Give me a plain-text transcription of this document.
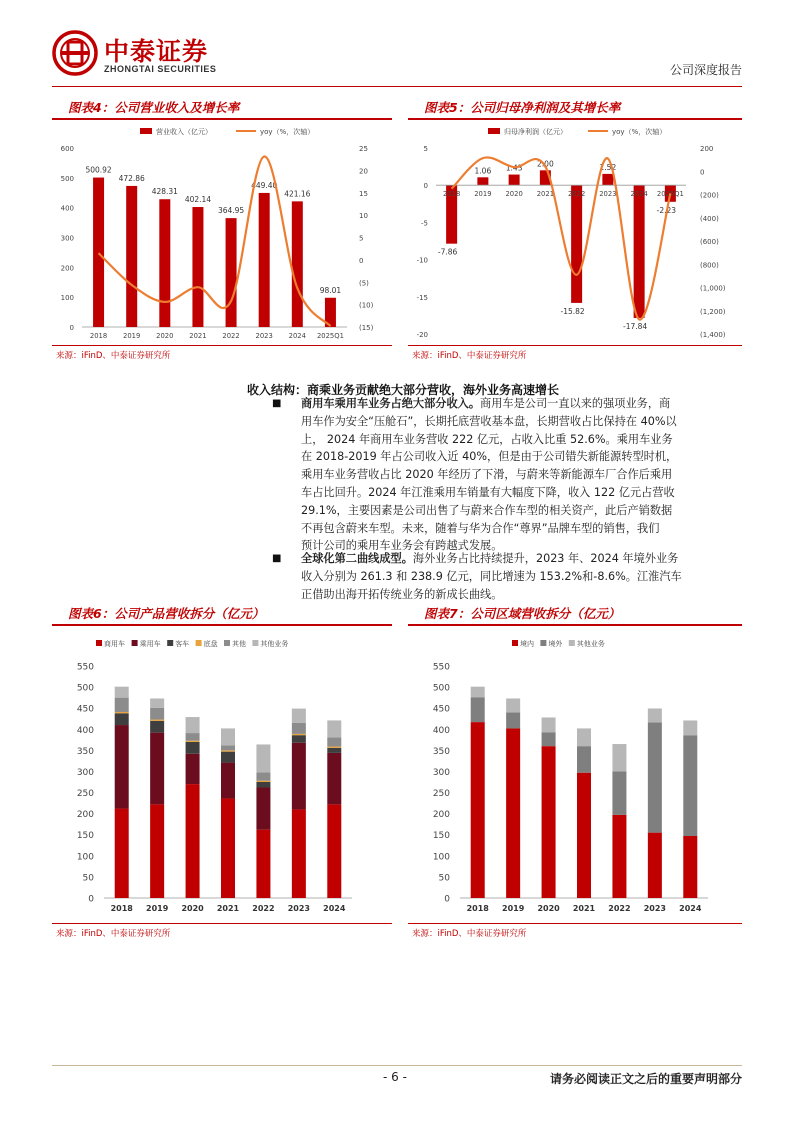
中泰证券
ZHONGTAI SECURITIES	公司深度报告
图表4：公司营业收入及增长率
营业收入（亿元）	yoy（%，次轴）
0
100
200
300
400
500
600	25
20
15
10
5
0
(5)
(10)
(15)
500.92
2018
472.86
2019
428.31
2020
402.14
2021
364.95
2022
449.40
2023
421.16
2024
98.01
2025Q1
来源：iFinD、中泰证券研究所
图表5：公司归母净利润及其增长率
归母净利润（亿元）	yoy（%，次轴）
5
0
-5
-10
-15
-20
200
0
(200)
(400)
(600)
(800)
(1,000)
(1,200)
(1,400)
-7.86
2018
1.06
2019
1.43
2020
2.00
2021
-15.82
2022
1.52
2023
-17.84
2024
-2.23
2025Q1
来源：iFinD、中泰证券研究所
收入结构：商乘业务贡献绝大部分营收，海外业务高速增长
■ 商用车乘用车业务占绝大部分收入。商用车是公司一直以来的强项业务，商
用车作为安全“压舱石”，长期托底营收基本盘，长期营收占比保持在 40%以
上， 2024 年商用车业务营收 222 亿元，占收入比重 52.6%。乘用车业务
在 2018-2019 年占公司收入近 40%，但是由于公司错失新能源转型时机，
乘用车业务营收占比 2020 年经历了下滑，与蔚来等新能源车厂合作后乘用
车占比回升。2024 年江淮乘用车销量有大幅度下降，收入 122 亿元占营收
29.1%，主要因素是公司出售了与蔚来合作车型的相关资产，此后产销数据
不再包含蔚来车型。未来，随着与华为合作“尊界”品牌车型的销售，我们
预计公司的乘用车业务会有跨越式发展。
■ 全球化第二曲线成型。海外业务占比持续提升，2023 年、2024 年境外业务
收入分别为 261.3 和 238.9 亿元，同比增速为 153.2%和-8.6%。江淮汽车
正借助出海开拓传统业务的新成长曲线。
图表6：公司产品营收拆分（亿元）
商用车 乘用车 客车 底盘 其他 其他业务
0
50
100
150
200
250
300
350
400
450
500
550
2018 2019 2020 2021 2022 2023 2024
来源：iFinD、中泰证券研究所
图表7：公司区域营收拆分（亿元）
境内 境外 其他业务
0
50
100
150
200
250
300
350
400
450
500
550
2018 2019 2020 2021 2022 2023 2024
来源：iFinD、中泰证券研究所
- 6 -	请务必阅读正文之后的重要声明部分
